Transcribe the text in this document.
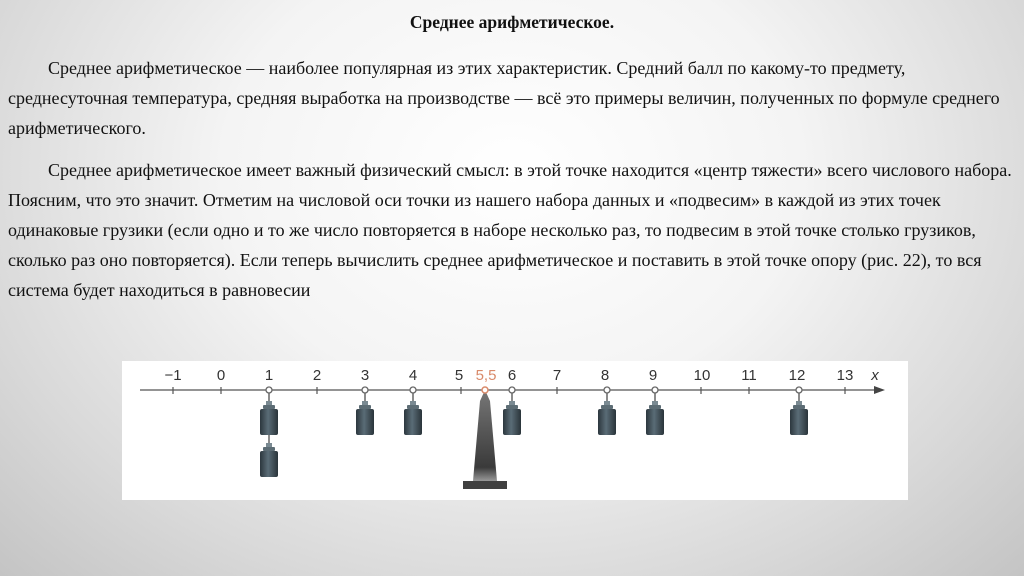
Среднее арифметическое.

Среднее арифметическое — наиболее популярная из этих характеристик. Средний балл по какому-то предмету, среднесуточная температура, средняя выработка на производстве — всё это примеры величин, полученных по формуле среднего арифметического.

Среднее арифметическое имеет важный физический смысл: в этой точке находится «центр тяжести» всего числового набора. Поясним, что это значит. Отметим на числовой оси точки из нашего набора данных и «подвесим» в каждой из этих точек одинаковые грузики (если одно и то же число повторяется в наборе несколько раз, то подвесим в этой точке столько грузиков, сколько раз оно повторяется). Если теперь вычислить среднее арифметическое и поставить в этой точке опору (рис. 22), то вся система будет находиться в равновесии

−1 0	1	2	3	4	5	6 7	8	9 10 11 12 13 x
5,5
